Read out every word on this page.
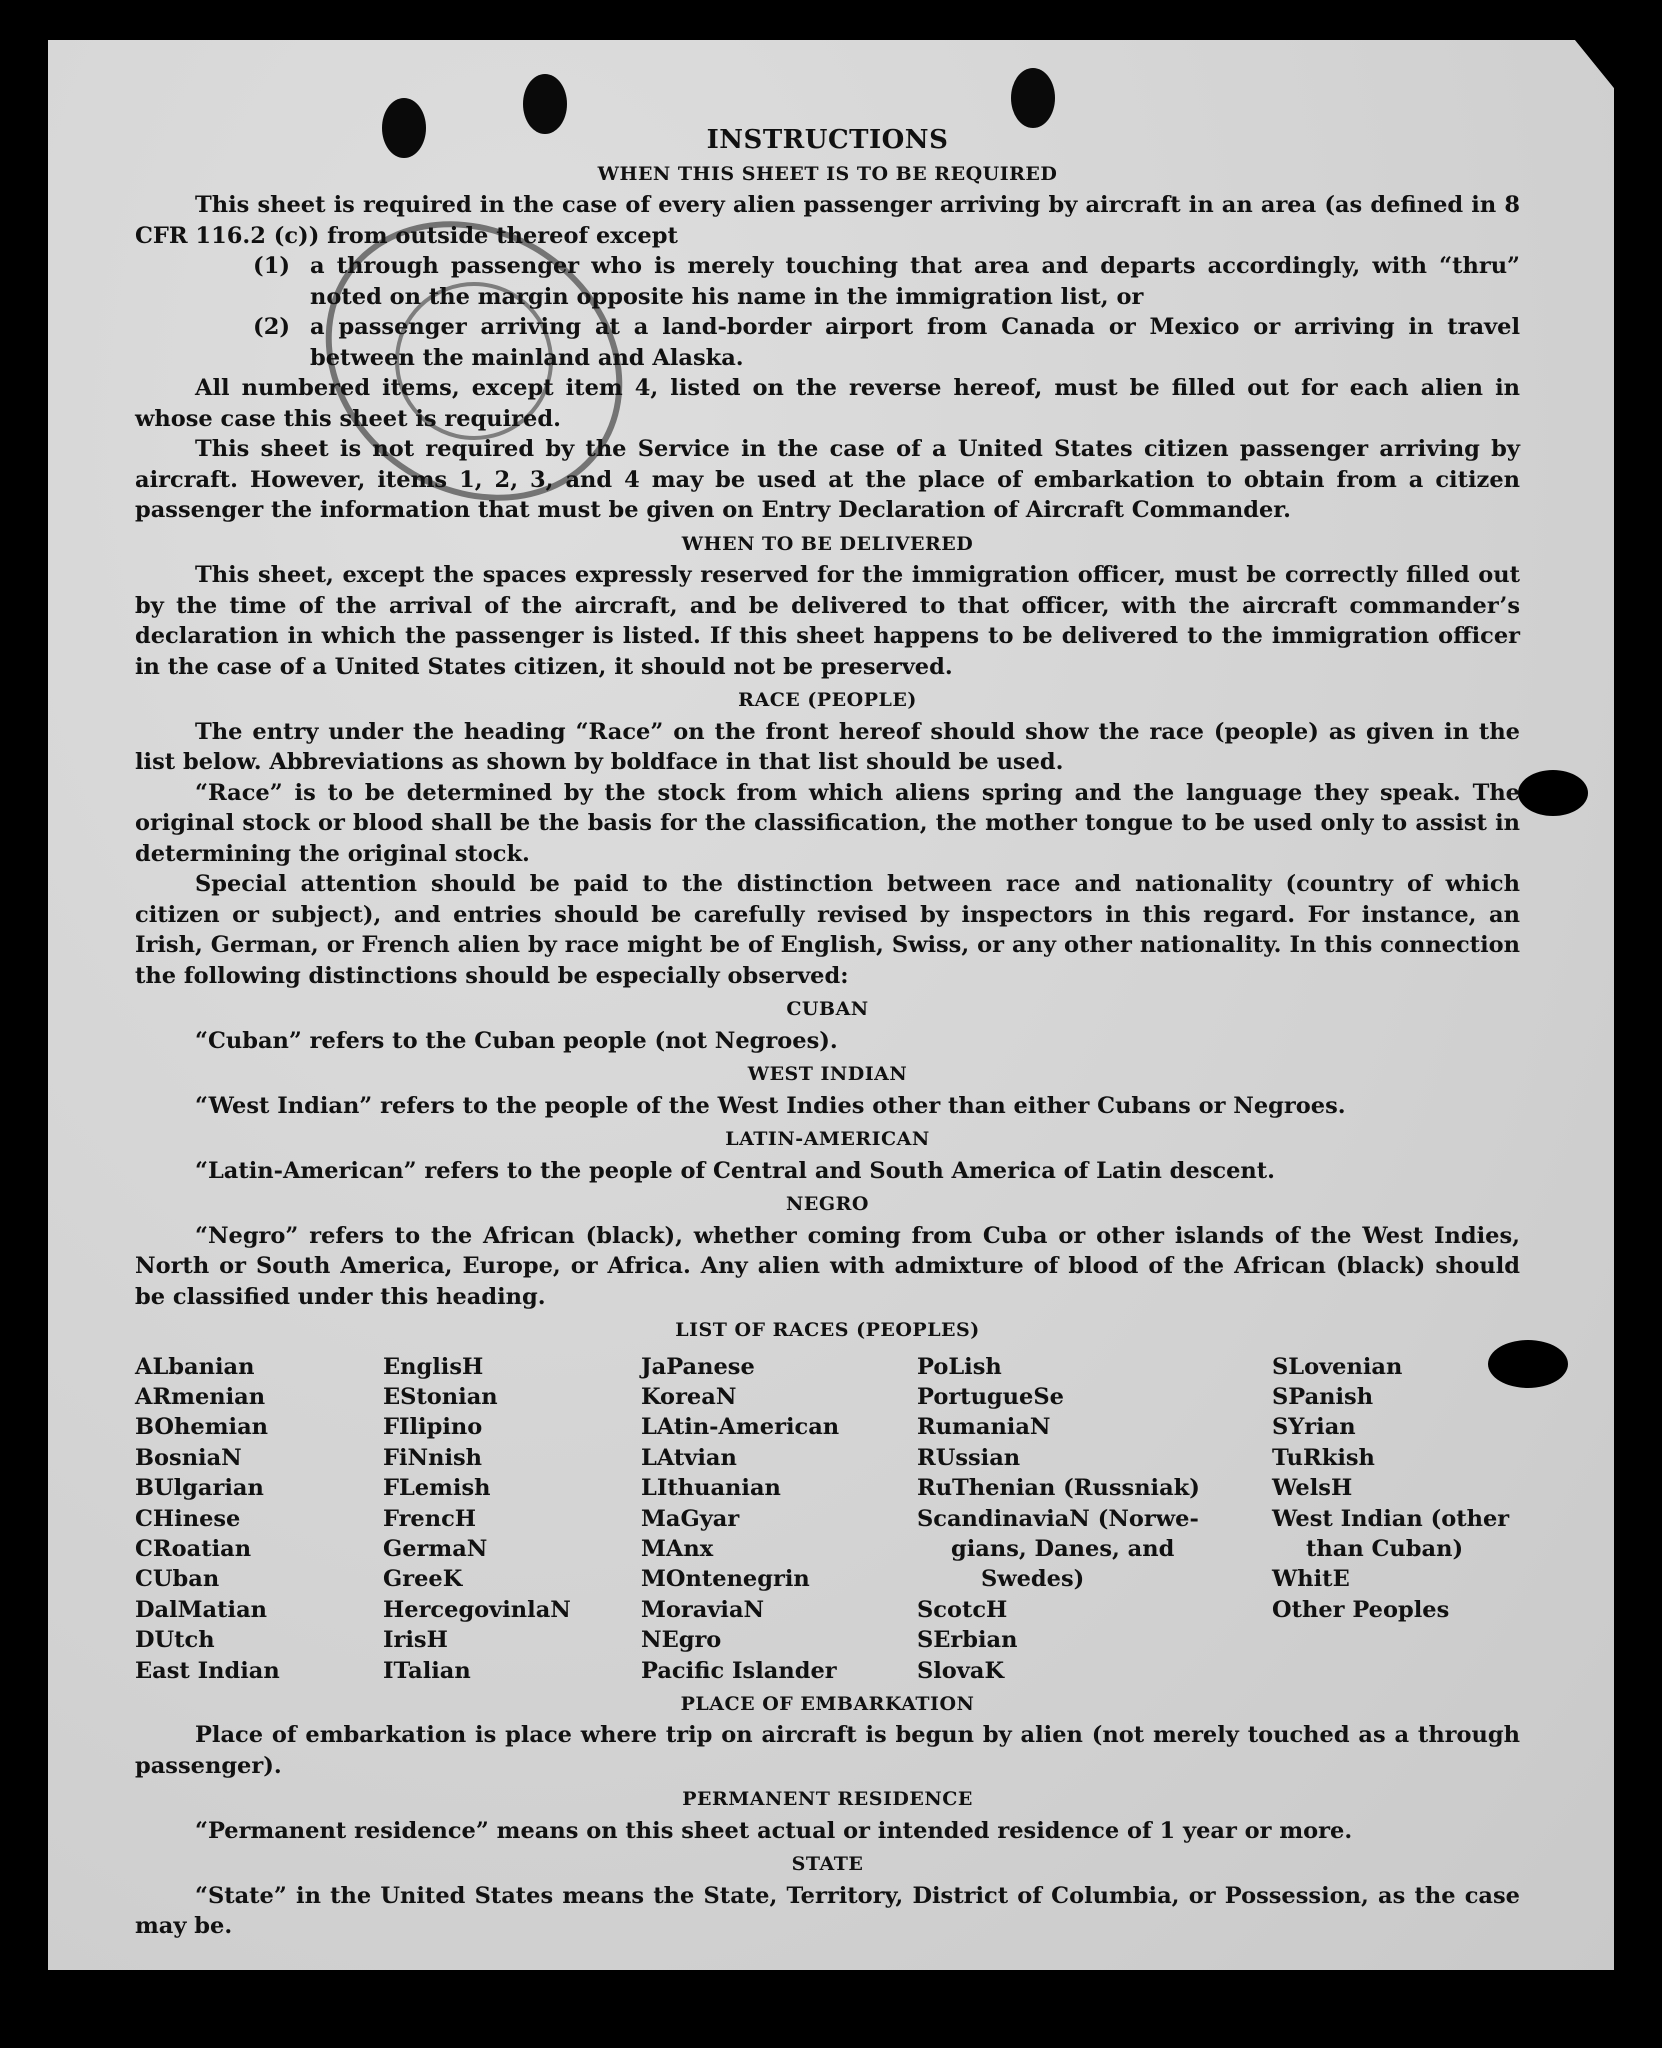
INSTRUCTIONS
WHEN THIS SHEET IS TO BE REQUIRED

This sheet is required in the case of every alien passenger arriving by aircraft in an area (as defined in 8 CFR 116.2 (c)) from outside thereof except

(1) a through passenger who is merely touching that area and departs accordingly, with “thru” noted on the margin opposite his name in the immigration list, or
(2) a passenger arriving at a land-border airport from Canada or Mexico or arriving in travel between the mainland and Alaska.

All numbered items, except item 4, listed on the reverse hereof, must be filled out for each alien in whose case this sheet is required.

This sheet is not required by the Service in the case of a United States citizen passenger arriving by aircraft. However, items 1, 2, 3, and 4 may be used at the place of embarkation to obtain from a citizen passenger the information that must be given on Entry Declaration of Aircraft Commander.

WHEN TO BE DELIVERED

This sheet, except the spaces expressly reserved for the immigration officer, must be correctly filled out by the time of the arrival of the aircraft, and be delivered to that officer, with the aircraft commander’s declaration in which the passenger is listed. If this sheet happens to be delivered to the immigration officer in the case of a United States citizen, it should not be preserved.

RACE (PEOPLE)

The entry under the heading “Race” on the front hereof should show the race (people) as given in the list below. Abbreviations as shown by boldface in that list should be used.

“Race” is to be determined by the stock from which aliens spring and the language they speak. The original stock or blood shall be the basis for the classification, the mother tongue to be used only to assist in determining the original stock.

Special attention should be paid to the distinction between race and nationality (country of which citizen or subject), and entries should be carefully revised by inspectors in this regard. For instance, an Irish, German, or French alien by race might be of English, Swiss, or any other nationality. In this connection the following distinctions should be especially observed:

CUBAN

“Cuban” refers to the Cuban people (not Negroes).

WEST INDIAN

“West Indian” refers to the people of the West Indies other than either Cubans or Negroes.

LATIN-AMERICAN

“Latin-American” refers to the people of Central and South America of Latin descent.

NEGRO

“Negro” refers to the African (black), whether coming from Cuba or other islands of the West Indies, North or South America, Europe, or Africa. Any alien with admixture of blood of the African (black) should be classified under this heading.

LIST OF RACES (PEOPLES)
ALbanian
ARmenian
BOhemian
BosniaN
BUlgarian
CHinese
CRoatian
CUban
DalMatian
DUtch
East Indian
EnglisH
EStonian
FIlipino
FiNnish
FLemish
FrencH
GermaN
GreeK
HercegovinlaN
IrisH
ITalian
JaPanese
KoreaN
LAtin-American
LAtvian
LIthuanian
MaGyar
MAnx
MOntenegrin
MoraviaN
NEgro
Pacific Islander
PoLish
PortugueSe
RumaniaN
RUssian
RuThenian (Russniak)
ScandinaviaN (Norwe-
gians, Danes, and
Swedes)
ScotcH
SErbian
SlovaK
SLovenian
SPanish
SYrian
TuRkish
WelsH
West Indian (other
than Cuban)
WhitE
Other Peoples
PLACE OF EMBARKATION

Place of embarkation is place where trip on aircraft is begun by alien (not merely touched as a through passenger).

PERMANENT RESIDENCE

“Permanent residence” means on this sheet actual or intended residence of 1 year or more.

STATE

“State” in the United States means the State, Territory, District of Columbia, or Possession, as the case may be.
